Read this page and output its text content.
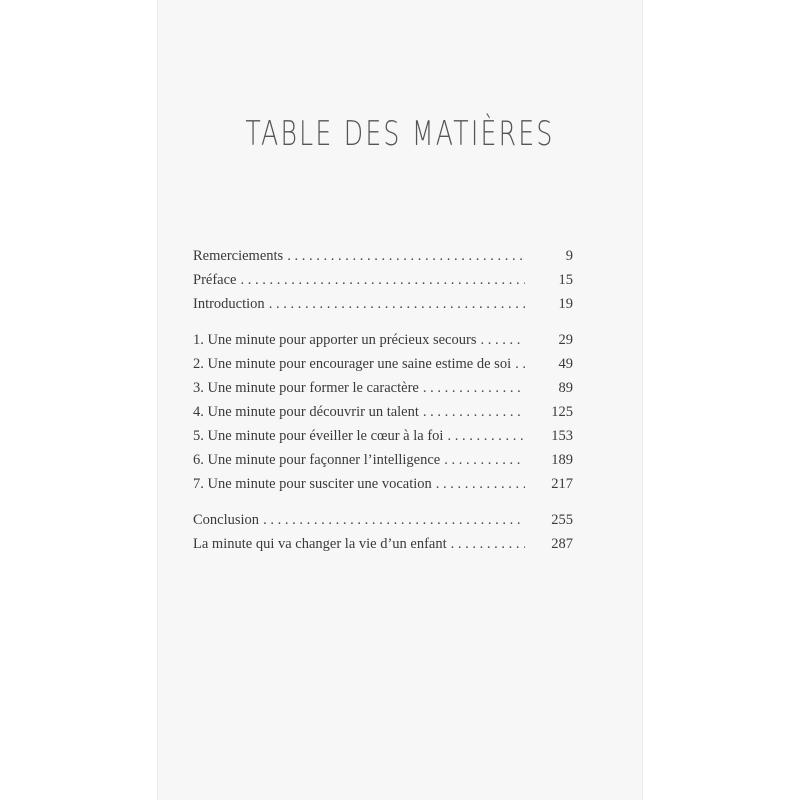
TABLE DES MATIÈRES
Remerciements . . .	9
Préface . . .	15
Introduction . . .	19
1. Une minute pour apporter un précieux secours . . .	29
2. Une minute pour encourager une saine estime de soi . . .	49
3. Une minute pour former le caractère . . .	89
4. Une minute pour découvrir un talent . . .	125
5. Une minute pour éveiller le cœur à la foi . . .	153
6. Une minute pour façonner l’intelligence . . .	189
7. Une minute pour susciter une vocation . . .	217
Conclusion . . .	255
La minute qui va changer la vie d’un enfant . . .	287
